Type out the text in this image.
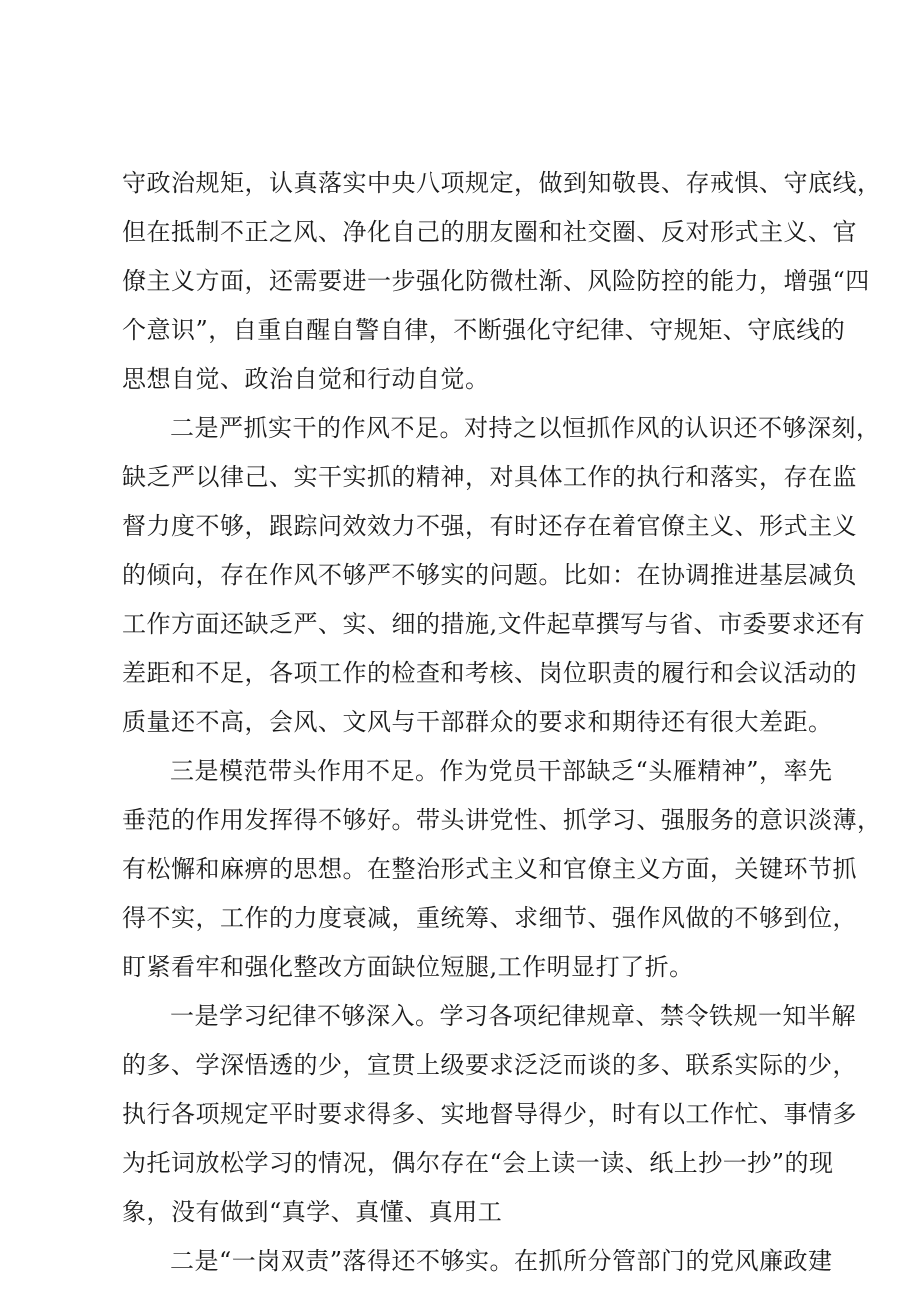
守政治规矩，认真落实中央八项规定，做到知敬畏、存戒惧、守底线，
但在抵制不正之风、净化自己的朋友圈和社交圈、反对形式主义、官
僚主义方面，还需要进一步强化防微杜渐、风险防控的能力，增强“四
个意识”，自重自醒自警自律，不断强化守纪律、守规矩、守底线的
思想自觉、政治自觉和行动自觉。
二是严抓实干的作风不足。对持之以恒抓作风的认识还不够深刻，
缺乏严以律己、实干实抓的精神，对具体工作的执行和落实，存在监
督力度不够，跟踪问效效力不强，有时还存在着官僚主义、形式主义
的倾向，存在作风不够严不够实的问题。比如：在协调推进基层减负
工作方面还缺乏严、实、细的措施,文件起草撰写与省、市委要求还有
差距和不足，各项工作的检查和考核、岗位职责的履行和会议活动的
质量还不高，会风、文风与干部群众的要求和期待还有很大差距。
三是模范带头作用不足。作为党员干部缺乏“头雁精神”，率先
垂范的作用发挥得不够好。带头讲党性、抓学习、强服务的意识淡薄，
有松懈和麻痹的思想。在整治形式主义和官僚主义方面，关键环节抓
得不实，工作的力度衰减，重统筹、求细节、强作风做的不够到位，
盯紧看牢和强化整改方面缺位短腿,工作明显打了折。
一是学习纪律不够深入。学习各项纪律规章、禁令铁规一知半解
的多、学深悟透的少，宣贯上级要求泛泛而谈的多、联系实际的少，
执行各项规定平时要求得多、实地督导得少，时有以工作忙、事情多
为托词放松学习的情况，偶尔存在“会上读一读、纸上抄一抄”的现
象，没有做到“真学、真懂、真用工
二是“一岗双责”落得还不够实。在抓所分管部门的党风廉政建
